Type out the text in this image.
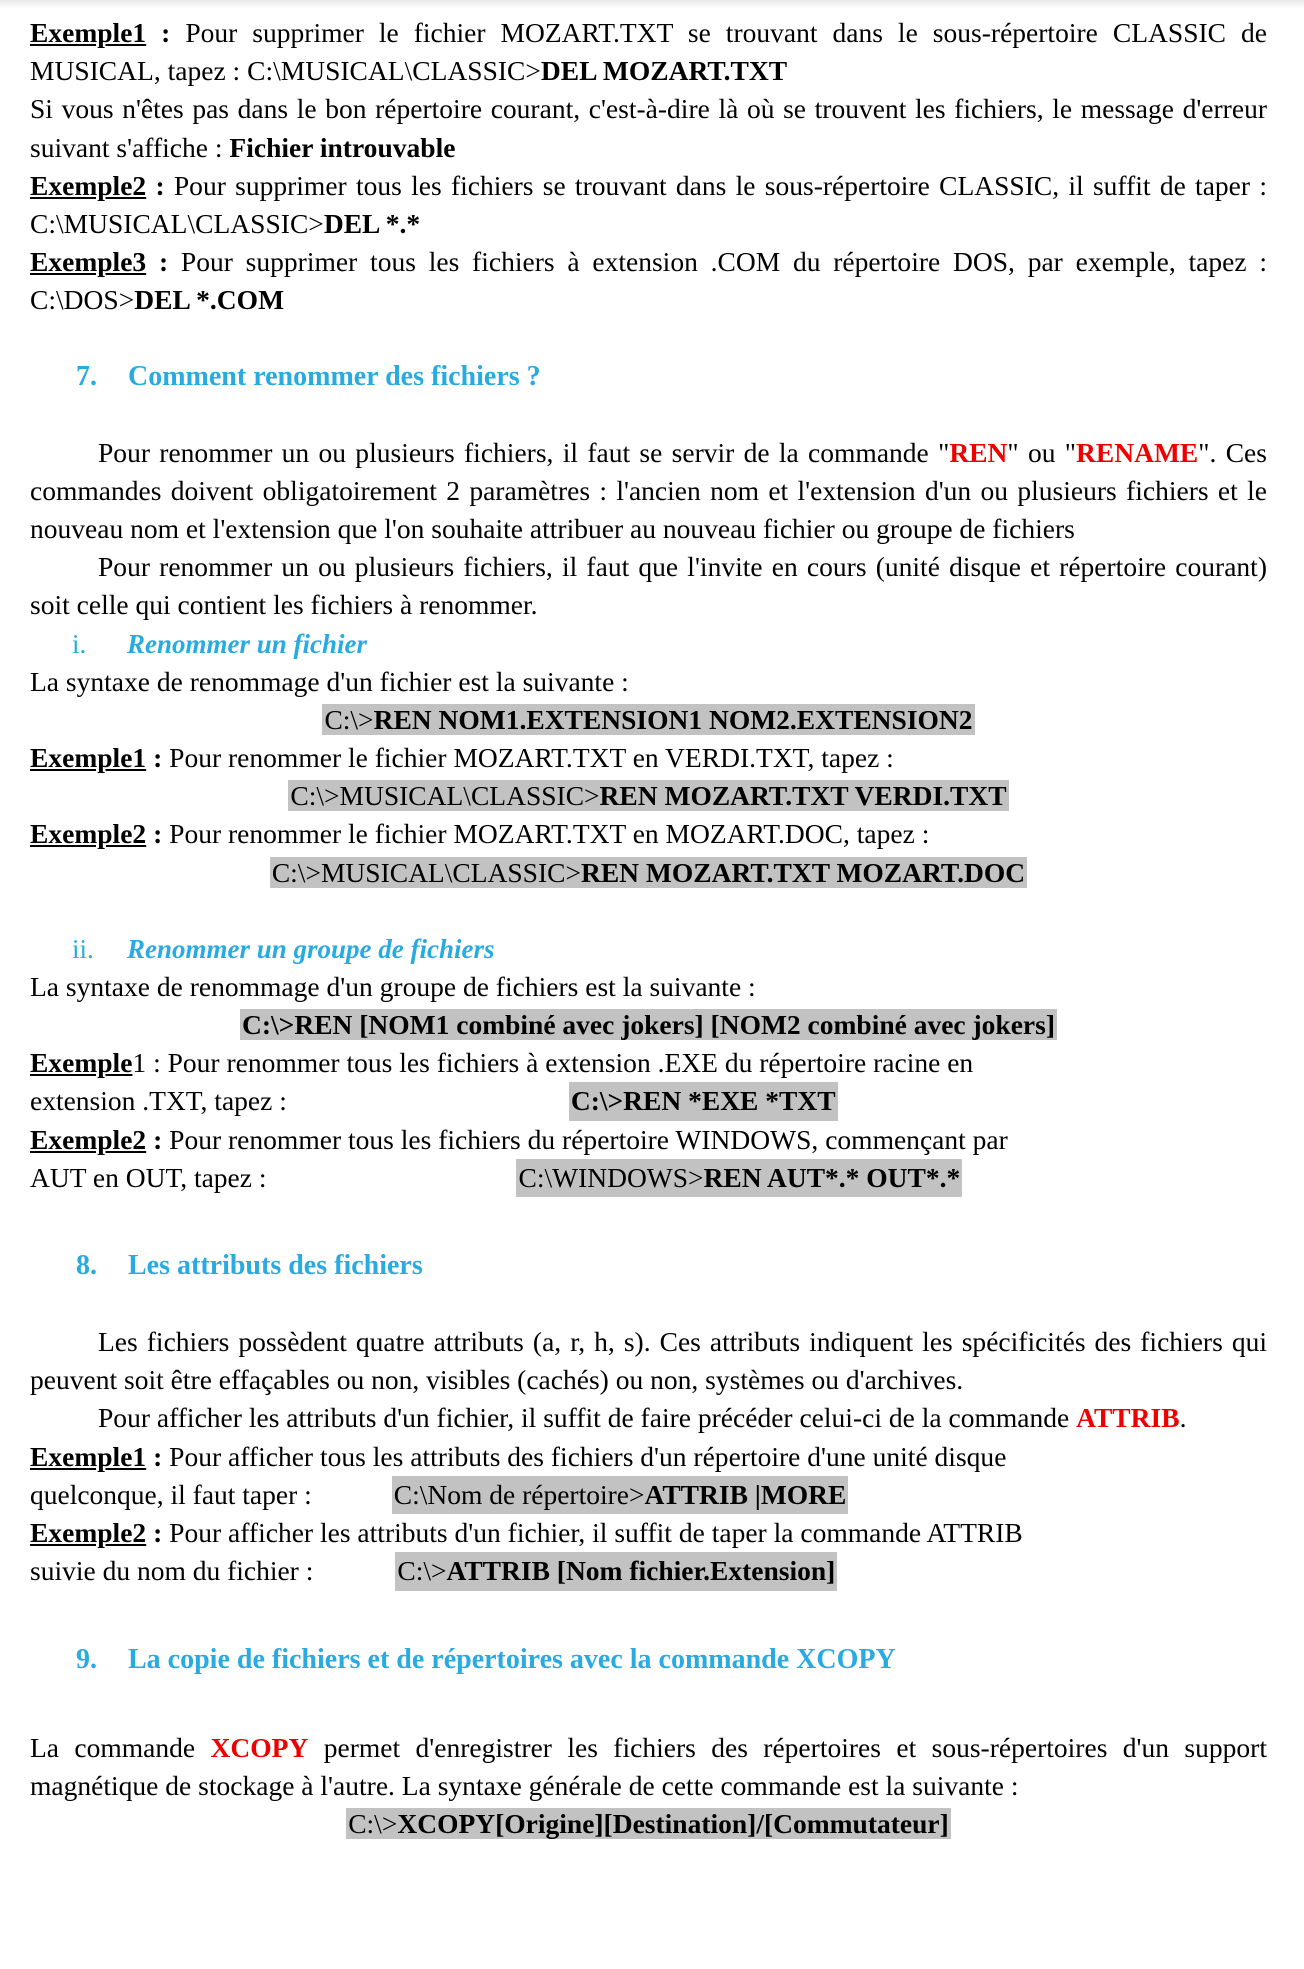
Exemple1 : Pour supprimer le fichier MOZART.TXT se trouvant dans le sous-répertoire CLASSIC de MUSICAL, tapez : C:\MUSICAL\CLASSIC>DEL MOZART.TXT

Si vous n'êtes pas dans le bon répertoire courant, c'est-à-dire là où se trouvent les fichiers, le message d'erreur suivant s'affiche : Fichier introuvable

Exemple2 : Pour supprimer tous les fichiers se trouvant dans le sous-répertoire CLASSIC, il suffit de taper : C:\MUSICAL\CLASSIC>DEL *.*

Exemple3 : Pour supprimer tous les fichiers à extension .COM du répertoire DOS, par exemple, tapez : C:\DOS>DEL *.COM

7. Comment renommer des fichiers ?

Pour renommer un ou plusieurs fichiers, il faut se servir de la commande "REN" ou "RENAME". Ces commandes doivent obligatoirement 2 paramètres : l'ancien nom et l'extension d'un ou plusieurs fichiers et le nouveau nom et l'extension que l'on souhaite attribuer au nouveau fichier ou groupe de fichiers

Pour renommer un ou plusieurs fichiers, il faut que l'invite en cours (unité disque et répertoire courant) soit celle qui contient les fichiers à renommer.

i. Renommer un fichier

La syntaxe de renommage d'un fichier est la suivante :

C:\>REN NOM1.EXTENSION1 NOM2.EXTENSION2

Exemple1 : Pour renommer le fichier MOZART.TXT en VERDI.TXT, tapez :

C:\>MUSICAL\CLASSIC>REN MOZART.TXT VERDI.TXT

Exemple2 : Pour renommer le fichier MOZART.TXT en MOZART.DOC, tapez :

C:\>MUSICAL\CLASSIC>REN MOZART.TXT MOZART.DOC

ii. Renommer un groupe de fichiers

La syntaxe de renommage d'un groupe de fichiers est la suivante :

C:\>REN [NOM1 combiné avec jokers] [NOM2 combiné avec jokers]

Exemple1 : Pour renommer tous les fichiers à extension .EXE du répertoire racine en

extension .TXT, tapez :	C:\>REN *EXE *TXT

Exemple2 : Pour renommer tous les fichiers du répertoire WINDOWS, commençant par

AUT en OUT, tapez :	C:\WINDOWS>REN AUT*.* OUT*.*
8. Les attributs des fichiers

Les fichiers possèdent quatre attributs (a, r, h, s). Ces attributs indiquent les spécificités des fichiers qui peuvent soit être effaçables ou non, visibles (cachés) ou non, systèmes ou d'archives.

Pour afficher les attributs d'un fichier, il suffit de faire précéder celui-ci de la commande ATTRIB.

Exemple1 : Pour afficher tous les attributs des fichiers d'un répertoire d'une unité disque

quelconque, il faut taper :	C:\Nom de répertoire>ATTRIB |MORE

Exemple2 : Pour afficher les attributs d'un fichier, il suffit de taper la commande ATTRIB

suivie du nom du fichier :	C:\>ATTRIB [Nom fichier.Extension]
9. La copie de fichiers et de répertoires avec la commande XCOPY

La commande XCOPY permet d'enregistrer les fichiers des répertoires et sous-répertoires d'un support magnétique de stockage à l'autre. La syntaxe générale de cette commande est la suivante :

C:\>XCOPY[Origine][Destination]/[Commutateur]
